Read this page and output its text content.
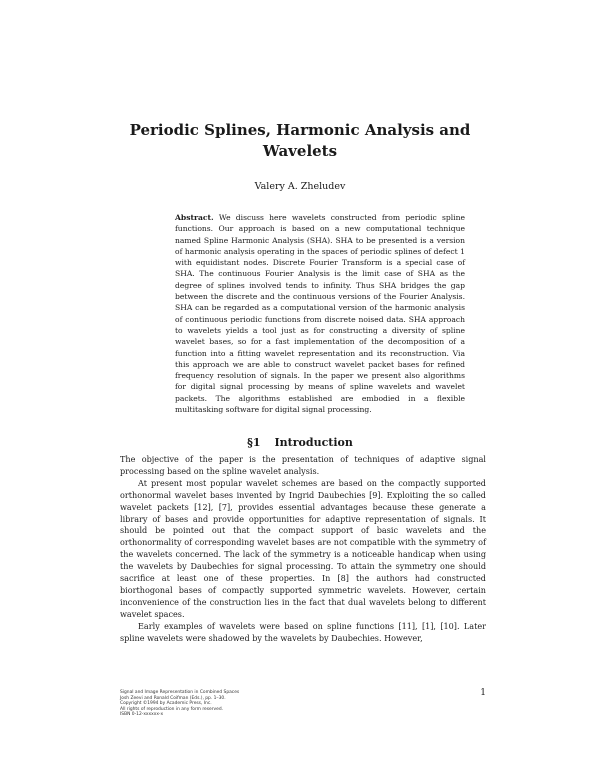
Periodic Splines, Harmonic Analysis and Wavelets
Valery A. Zheludev
Abstract. We discuss here wavelets constructed from periodic spline functions. Our approach is based on a new computational technique named Spline Harmonic Analysis (SHA). SHA to be presented is a version of harmonic analysis operating in the spaces of periodic splines of defect 1 with equidistant nodes. Discrete Fourier Transform is a special case of SHA. The continuous Fourier Analysis is the limit case of SHA as the degree of splines involved tends to infinity. Thus SHA bridges the gap between the discrete and the continuous versions of the Fourier Analysis. SHA can be regarded as a computational version of the harmonic analysis of continuous periodic functions from discrete noised data. SHA approach to wavelets yields a tool just as for constructing a diversity of spline wavelet bases, so for a fast implementation of the decomposition of a function into a fitting wavelet representation and its reconstruction. Via this approach we are able to construct wavelet packet bases for refined frequency resolution of signals. In the paper we present also algorithms for digital signal processing by means of spline wavelets and wavelet packets. The algorithms established are embodied in a flexible multitasking software for digital signal processing.
§1 Introduction

The objective of the paper is the presentation of techniques of adaptive signal processing based on the spline wavelet analysis.

At present most popular wavelet schemes are based on the compactly supported orthonormal wavelet bases invented by Ingrid Daubechies [9]. Exploiting the so called wavelet packets [12], [7], provides essential advantages because these generate a library of bases and provide opportunities for adaptive representation of signals. It should be pointed out that the compact support of basic wavelets and the orthonormality of corresponding wavelet bases are not compatible with the symmetry of the wavelets concerned. The lack of the symmetry is a noticeable handicap when using the wavelets by Daubechies for signal processing. To attain the symmetry one should sacrifice at least one of these properties. In [8] the authors had constructed biorthogonal bases of compactly supported symmetric wavelets. However, certain inconvenience of the construction lies in the fact that dual wavelets belong to different wavelet spaces.

Early examples of wavelets were based on spline functions [11], [1], [10]. Later spline wavelets were shadowed by the wavelets by Daubechies. However,

Signal and Image Representation in Combined Spaces
Josh Zeevi and Ronald Coifman (Eds.), pp. 1–30.
Copyright ©1994 by Academic Press, Inc.
All rights of reproduction in any form reserved.
ISBN 0-12-xxxxxx-x
1
